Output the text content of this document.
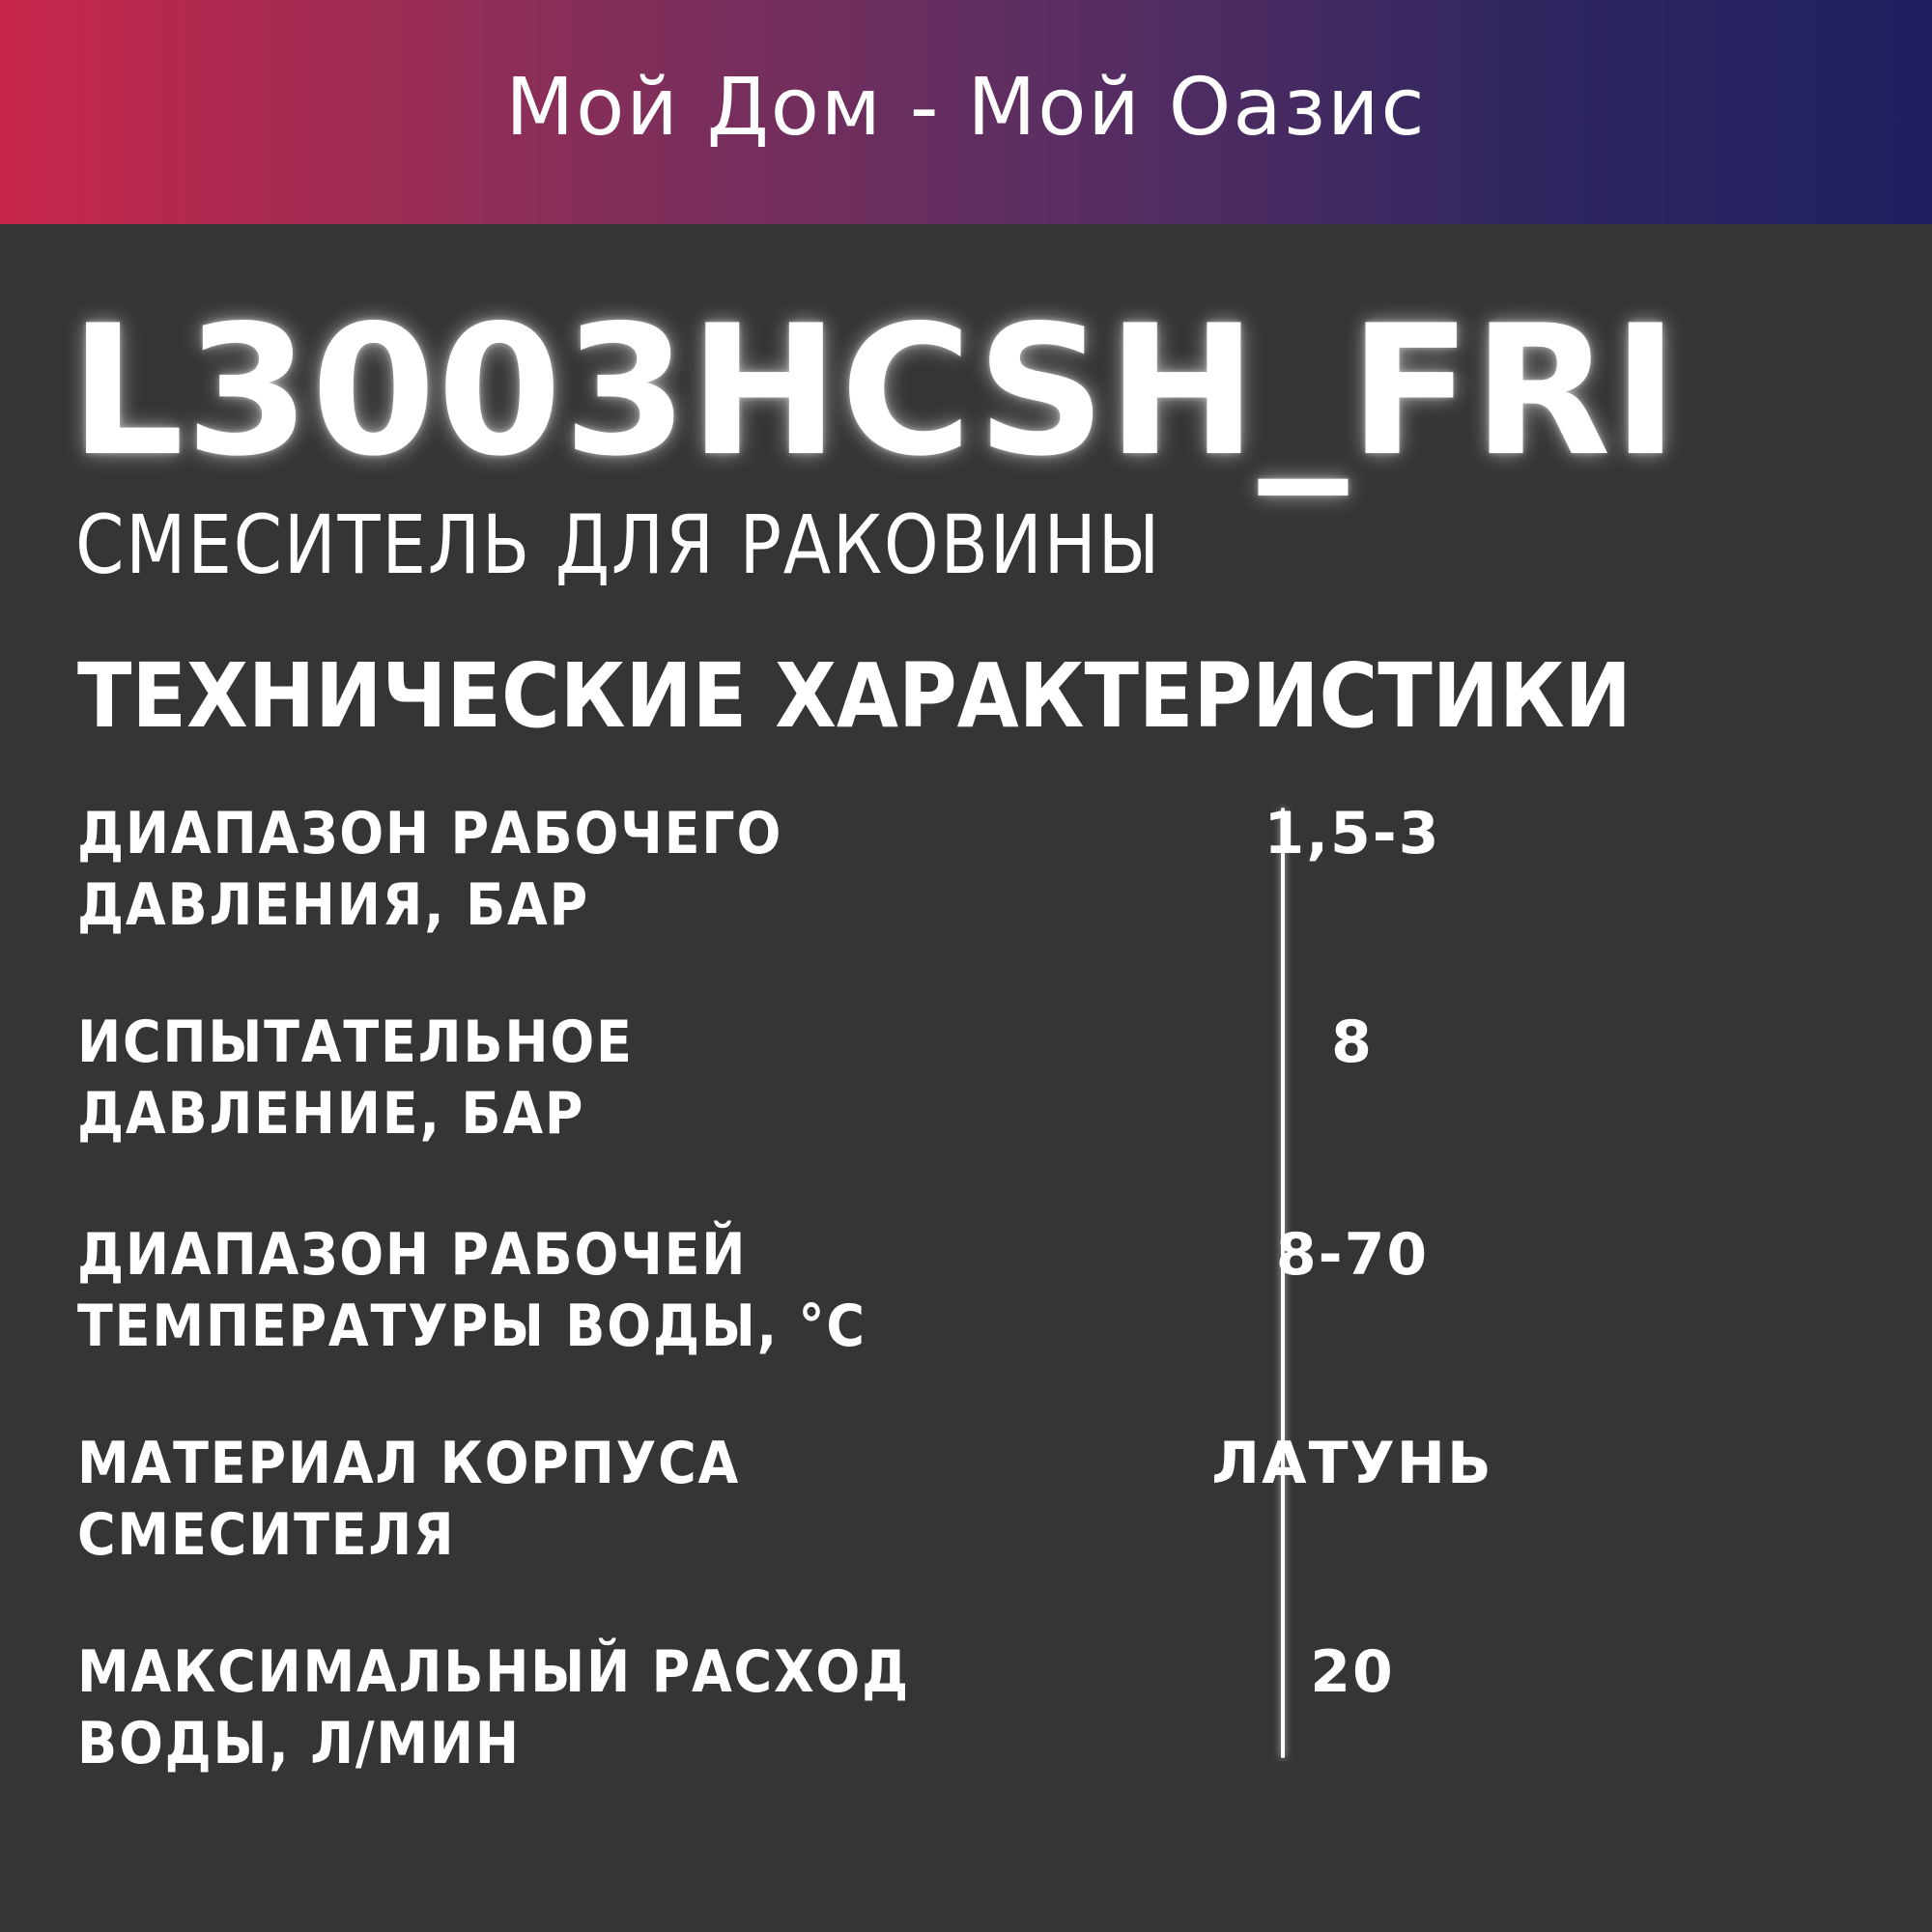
Мой Дом - Мой Оазис
L3003HCSH_FRI
СМЕСИТЕЛЬ ДЛЯ РАКОВИНЫ
ТЕХНИЧЕСКИЕ ХАРАКТЕРИСТИКИ
ДИАПАЗОН РАБОЧЕГО
ДАВЛЕНИЯ, БАР
1,5-3
ИСПЫТАТЕЛЬНОЕ
ДАВЛЕНИЕ, БАР
8
ДИАПАЗОН РАБОЧЕЙ
ТЕМПЕРАТУРЫ ВОДЫ, °С
8-70
МАТЕРИАЛ КОРПУСА
СМЕСИТЕЛЯ
ЛАТУНЬ
МАКСИМАЛЬНЫЙ РАСХОД
ВОДЫ, Л/МИН
20
